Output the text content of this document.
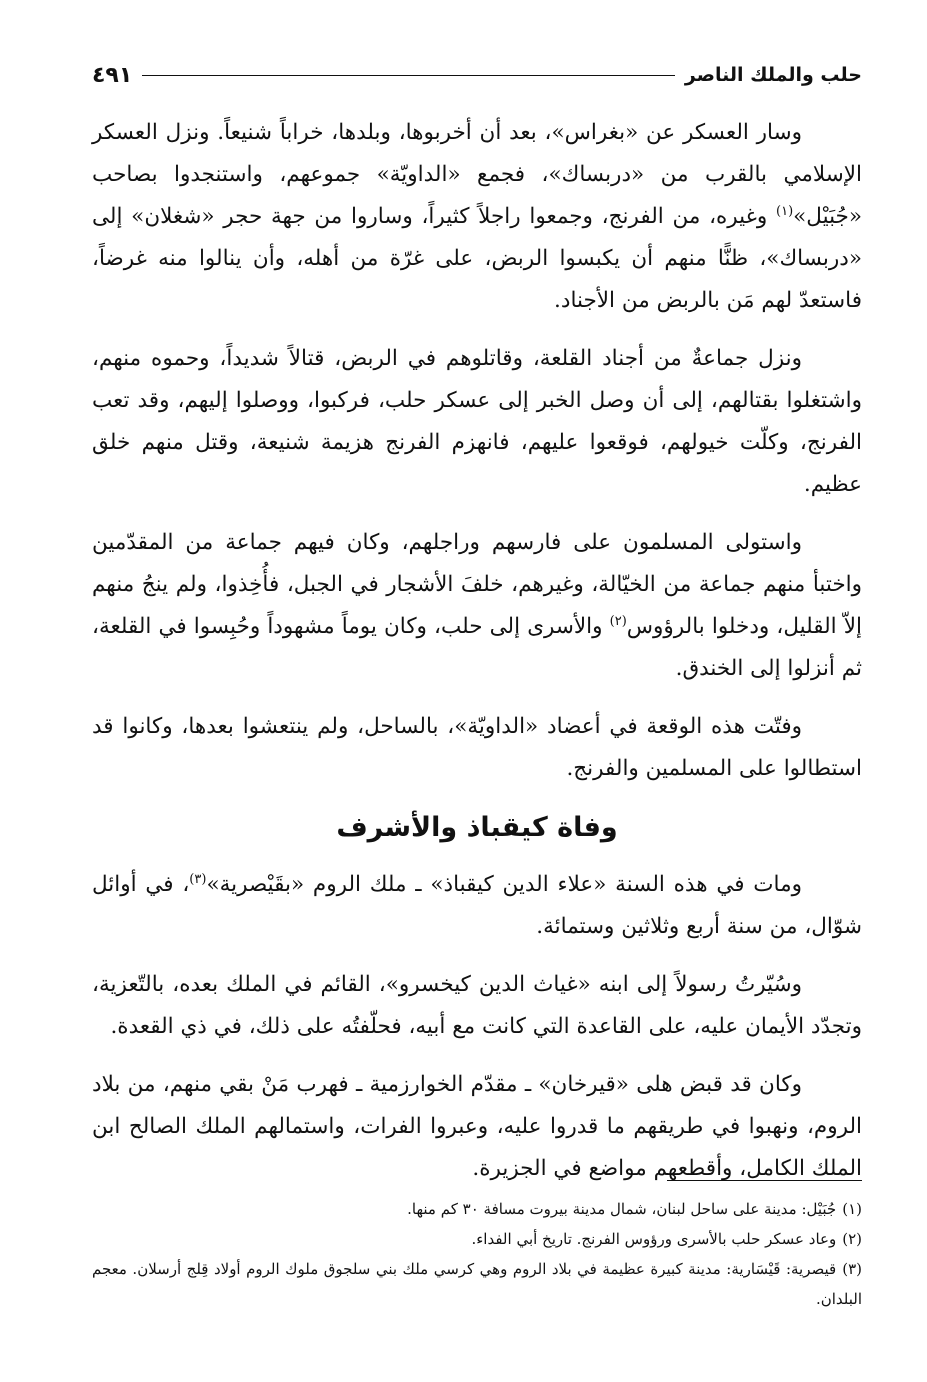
حلب والملك الناصر
٤٩١

وسار العسكر عن «بغراس»، بعد أن أخربوها، وبلدها، خراباً شنيعاً. ونزل العسكر الإسلامي بالقرب من «دربساك»، فجمع «الداويّة» جموعهم، واستنجدوا بصاحب «جُبَيْل»$^{(١)}$ وغيره، من الفرنج، وجمعوا راجلاً كثيراً، وساروا من جهة حجر «شغلان» إلى «دربساك»، ظنًّا منهم أن يكبسوا الربض، على غرّة من أهله، وأن ينالوا منه غرضاً، فاستعدّ لهم مَن بالربض من الأجناد.

ونزل جماعةٌ من أجناد القلعة، وقاتلوهم في الربض، قتالاً شديداً، وحموه منهم، واشتغلوا بقتالهم، إلى أن وصل الخبر إلى عسكر حلب، فركبوا، ووصلوا إليهم، وقد تعب الفرنج، وكلّت خيولهم، فوقعوا عليهم، فانهزم الفرنج هزيمة شنيعة، وقتل منهم خلق عظيم.

واستولى المسلمون على فارسهم وراجلهم، وكان فيهم جماعة من المقدّمين واختبأ منهم جماعة من الخيّالة، وغيرهم، خلفَ الأشجار في الجبل، فأُخِذوا، ولم ينجُ منهم إلاّ القليل، ودخلوا بالرؤوس$^{(٢)}$ والأسرى إلى حلب، وكان يوماً مشهوداً وحُبِسوا في القلعة، ثم أنزلوا إلى الخندق.

وفتّت هذه الوقعة في أعضاد «الداويّة»، بالساحل، ولم ينتعشوا بعدها، وكانوا قد استطالوا على المسلمين والفرنج.

وفاة كيقباذ والأشرف

ومات في هذه السنة «علاء الدين كيقباذ» ـ ملك الروم «بقَيْصرية»$^{(٣)}$، في أوائل شوّال، من سنة أربع وثلاثين وستمائة.

وسُيّرتُ رسولاً إلى ابنه «غياث الدين كيخسرو»، القائم في الملك بعده، بالتّعزية، وتجدّد الأيمان عليه، على القاعدة التي كانت مع أبيه، فحلّفتُه على ذلك، في ذي القعدة.

وكان قد قبض هلى «قيرخان» ـ مقدّم الخوارزمية ـ فهرب مَنْ بقي منهم، من بلاد الروم، ونهبوا في طريقهم ما قدروا عليه، وعبروا الفرات، واستمالهم الملك الصالح ابن الملك الكامل، وأقطعهم مواضع في الجزيرة.

(١)جُبَيْل: مدينة على ساحل لبنان، شمال مدينة بيروت مسافة ٣٠ كم منها.

(٢)وعاد عسكر حلب بالأسرى ورؤوس الفرنج. تاريخ أبي الفداء.

(٣)قيصرية: قَيْسَارية: مدينة كبيرة عظيمة في بلاد الروم وهي كرسي ملك بني سلجوق ملوك الروم أولاد قِلج أرسلان. معجم البلدان.
